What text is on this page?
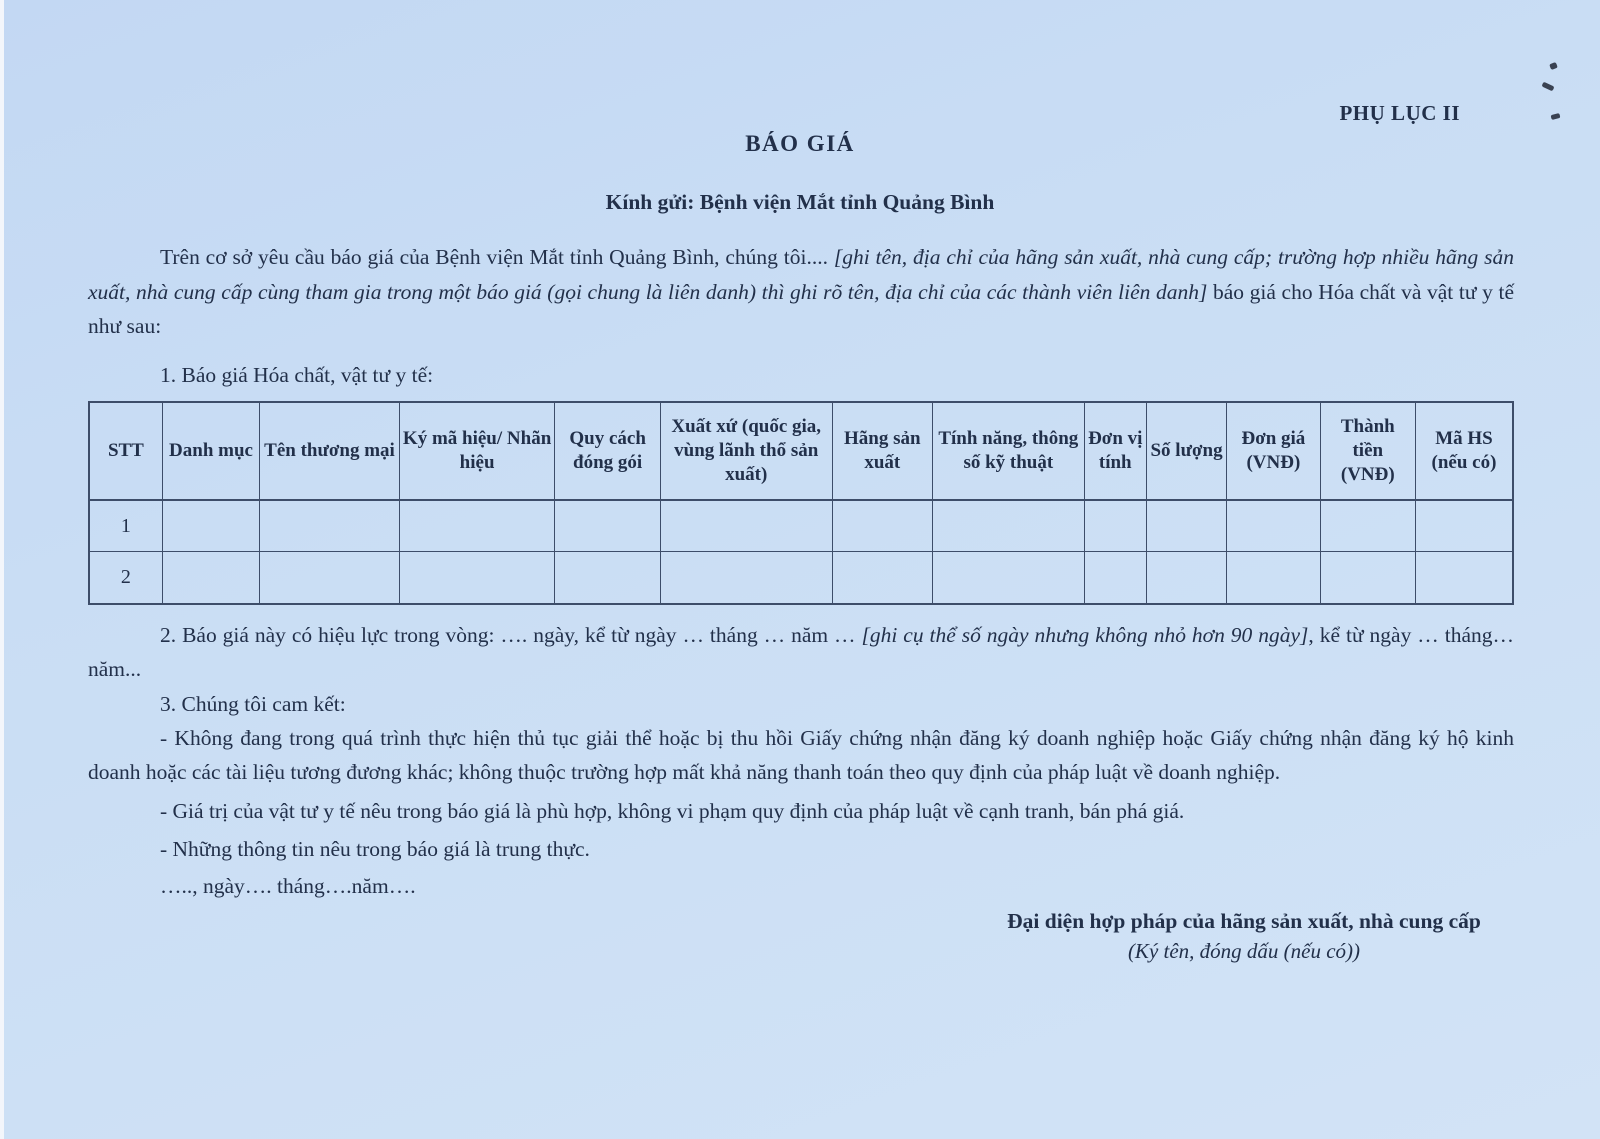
PHỤ LỤC II
BÁO GIÁ
Kính gửi: Bệnh viện Mắt tỉnh Quảng Bình

Trên cơ sở yêu cầu báo giá của Bệnh viện Mắt tỉnh Quảng Bình, chúng tôi.... [ghi tên, địa chỉ của hãng sản xuất, nhà cung cấp; trường hợp nhiều hãng sản xuất, nhà cung cấp cùng tham gia trong một báo giá (gọi chung là liên danh) thì ghi rõ tên, địa chỉ của các thành viên liên danh] báo giá cho Hóa chất và vật tư y tế như sau:

1. Báo giá Hóa chất, vật tư y tế:
STT	Danh mục	Tên thương mại	Ký mã hiệu/ Nhãn hiệu	Quy cách đóng gói	Xuất xứ (quốc gia, vùng lãnh thổ sản xuất)	Hãng sản xuất	Tính năng, thông số kỹ thuật	Đơn vị tính	Số lượng	Đơn giá (VNĐ)	Thành tiền (VNĐ)	Mã HS (nếu có)
1												
2												

2. Báo giá này có hiệu lực trong vòng: …. ngày, kể từ ngày … tháng … năm … [ghi cụ thể số ngày nhưng không nhỏ hơn 90 ngày], kể từ ngày … tháng… năm...

3. Chúng tôi cam kết:

- Không đang trong quá trình thực hiện thủ tục giải thể hoặc bị thu hồi Giấy chứng nhận đăng ký doanh nghiệp hoặc Giấy chứng nhận đăng ký hộ kinh doanh hoặc các tài liệu tương đương khác; không thuộc trường hợp mất khả năng thanh toán theo quy định của pháp luật về doanh nghiệp.

- Giá trị của vật tư y tế nêu trong báo giá là phù hợp, không vi phạm quy định của pháp luật về cạnh tranh, bán phá giá.

- Những thông tin nêu trong báo giá là trung thực.

….., ngày…. tháng….năm….
Đại diện hợp pháp của hãng sản xuất, nhà cung cấp
(Ký tên, đóng dấu (nếu có))
